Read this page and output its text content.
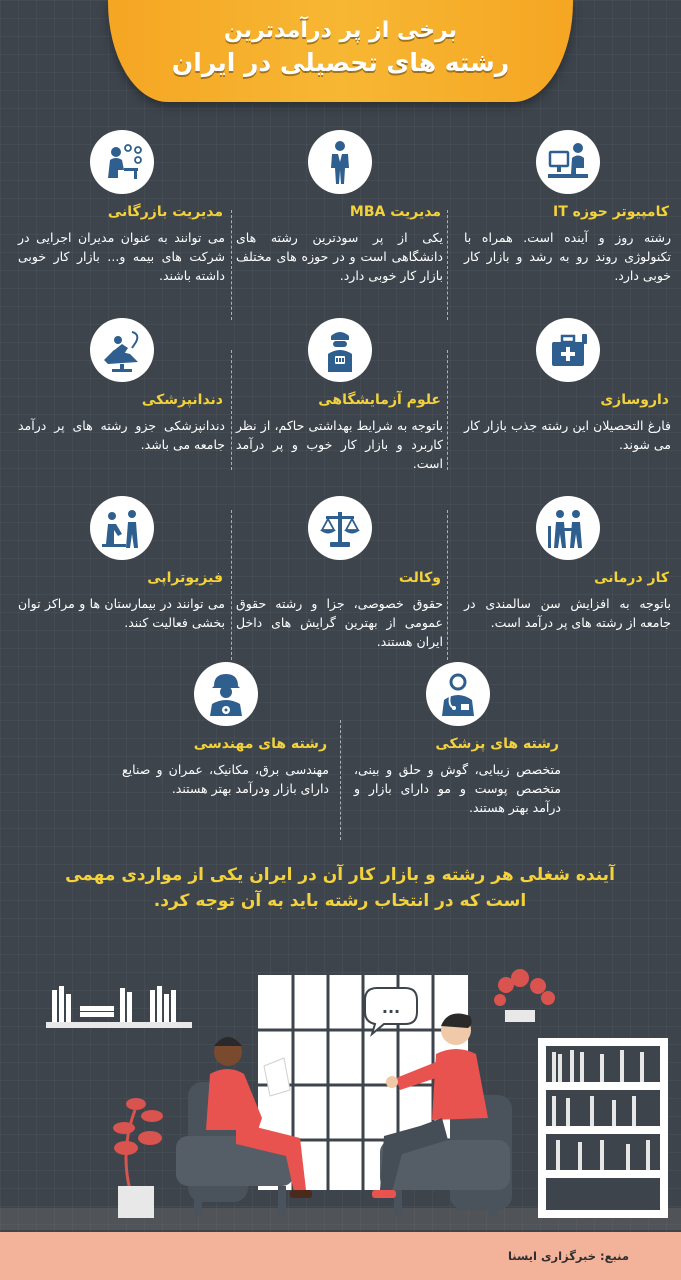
برخی از پر درآمدترین
رشته های تحصیلی در ایران
کامپیوتر حوزه IT

رشته روز و آینده است. همراه با تکنولوژی روند رو به رشد و بازار کار خوبی دارد.

مدیریت MBA

یکی از پر سودترین رشته های دانشگاهی است و در حوزه های مختلف بازار کار خوبی دارد.

مدیریت بازرگانی

می توانند به عنوان مدیران اجرایی در شرکت های بیمه و... بازار کار خوبی داشته باشند.

داروسازی

فارغ التحصیلان این رشته جذب بازار کار می شوند.

علوم آزمایشگاهی

باتوجه به شرایط بهداشتی حاکم، از نظر کاربرد و بازار کار خوب و پر درآمد است.

دندانپزشکی

دندانپزشکی جزو رشته های پر درآمد جامعه می باشد.

کار درمانی

باتوجه به افزایش سن سالمندی در جامعه از رشته های پر درآمد است.

وکالت

حقوق خصوصی، جزا و رشته حقوق عمومی از بهترین گرایش های داخل ایران هستند.

فیزیوتراپی

می توانند در بیمارستان ها و مراکز توان بخشی فعالیت کنند.

رشته های پزشکی

متخصص زیبایی، گوش و حلق و بینی، متخصص پوست و مو دارای بازار و درآمد بهتر هستند.

رشته های مهندسی

مهندسی برق، مکانیک، عمران و صنایع دارای بازار ودرآمد بهتر هستند.

آینده شغلی هر رشته و بازار کار آن در ایران یکی از مواردی مهمی است که در انتخاب رشته باید به آن توجه کرد.
...
منبع: خبرگزاری ایسنا
